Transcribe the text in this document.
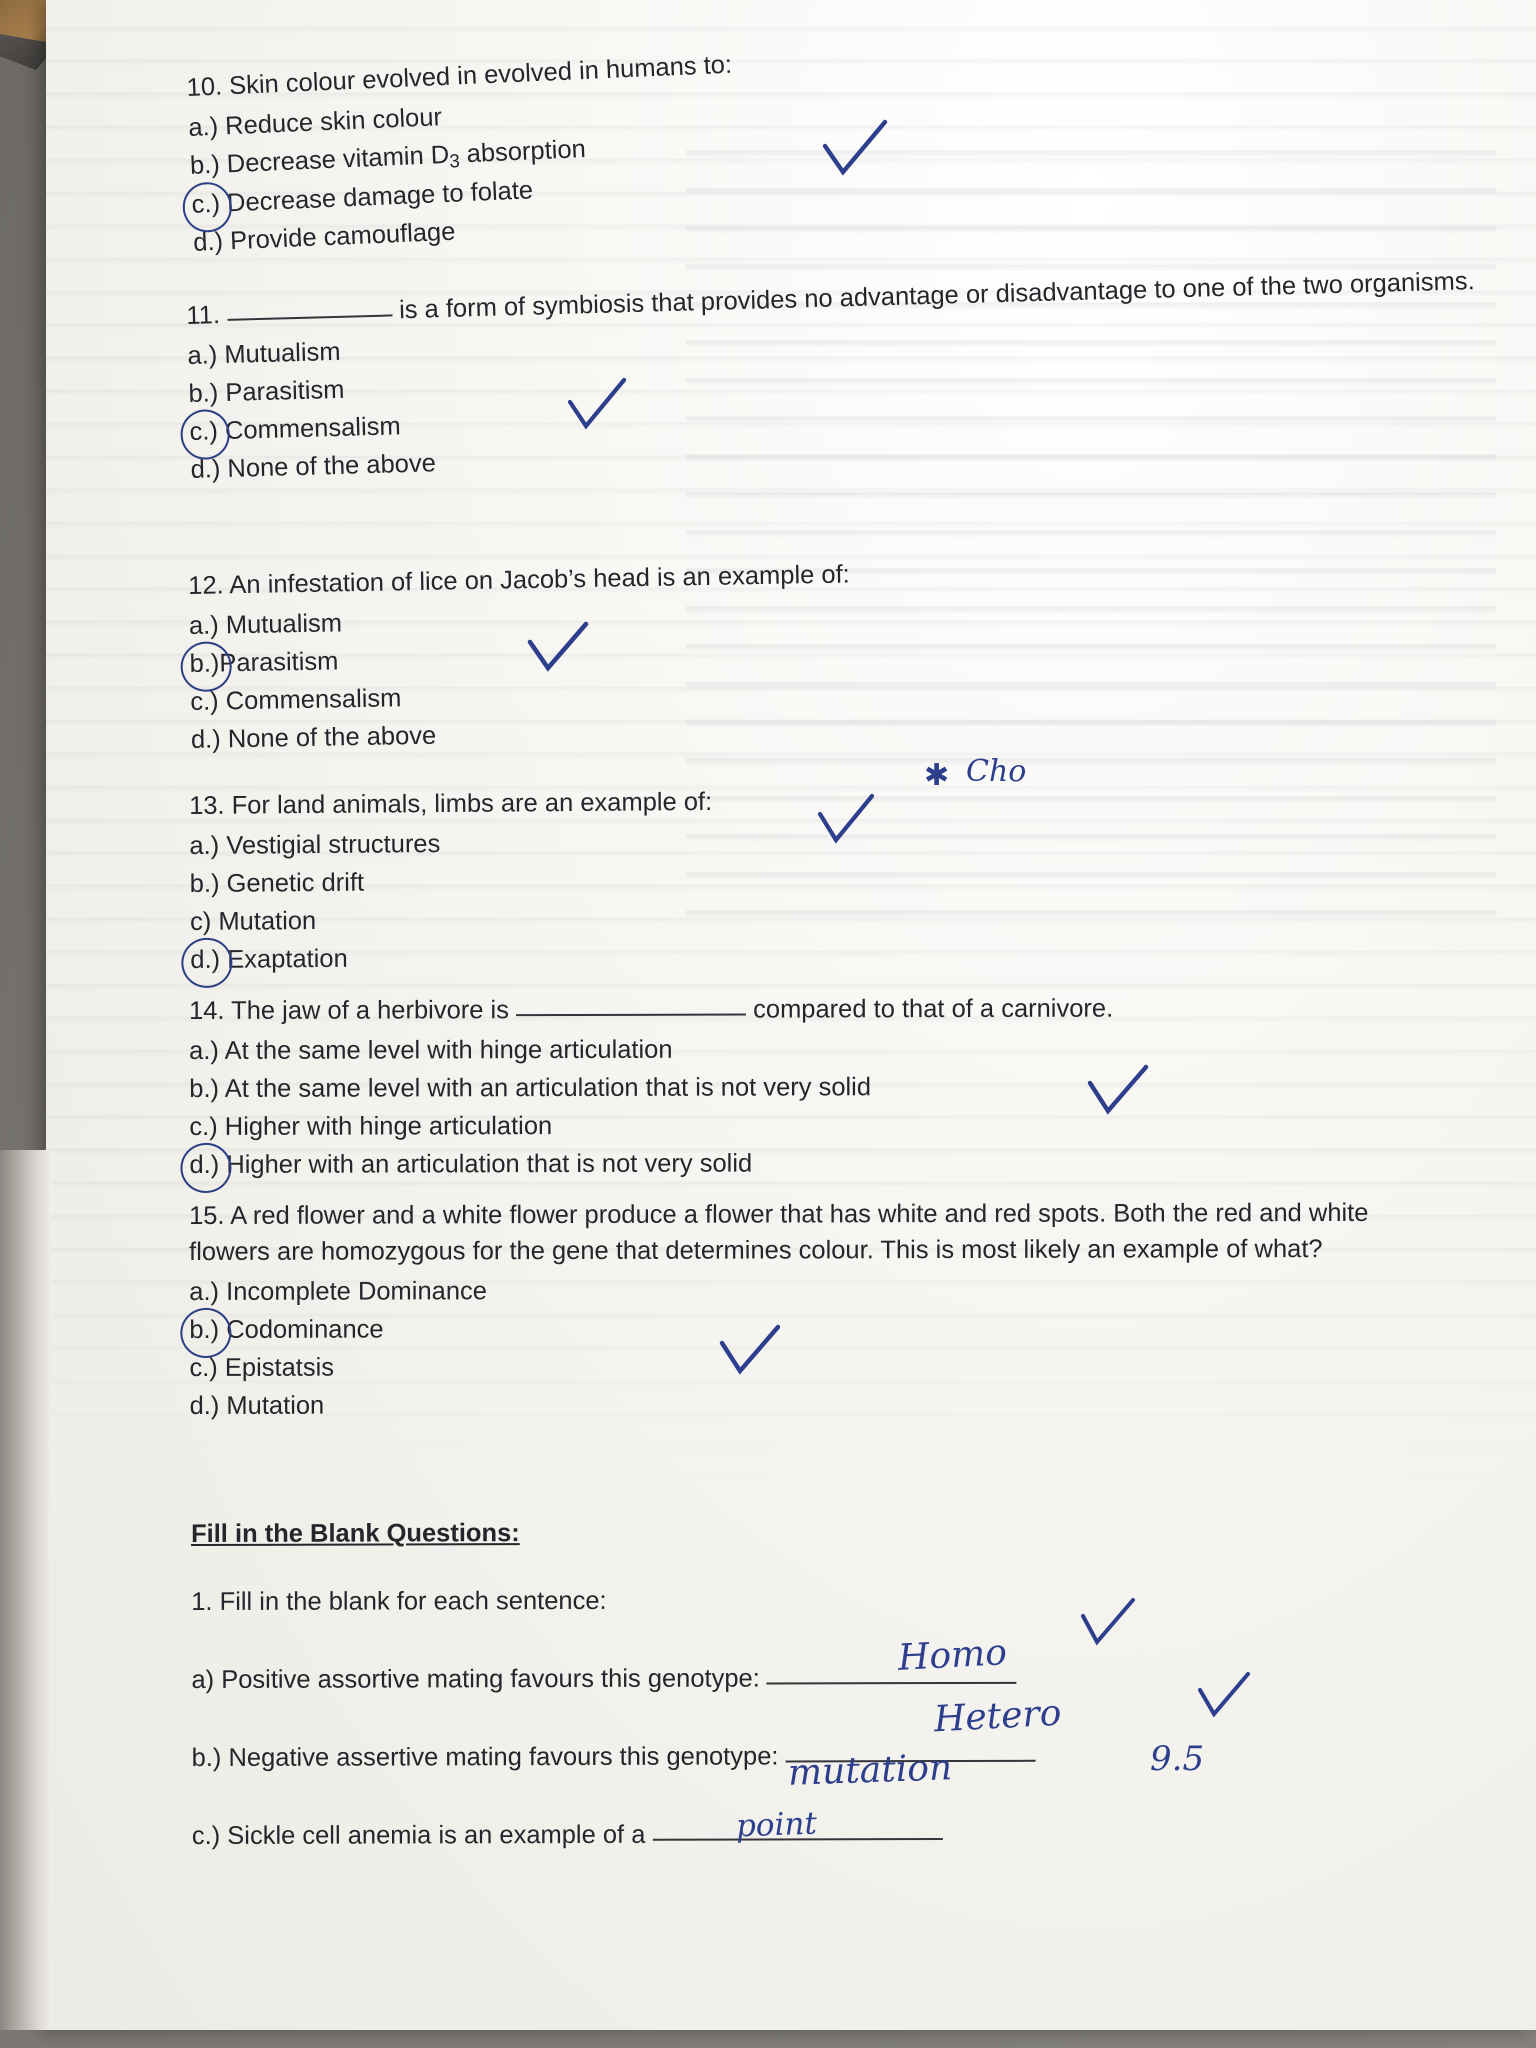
10. Skin colour evolved in evolved in humans to:
a.) Reduce skin colour
b.) Decrease vitamin $D_3$ absorption
c.) Decrease damage to folate
d.) Provide camouflage
11.	is a form of symbiosis that provides no advantage or disadvantage to one of the two organisms.
a.) Mutualism
b.) Parasitism
c.) Commensalism
d.) None of the above
12. An infestation of lice on Jacob’s head is an example of:
a.) Mutualism
b.)Parasitism
c.) Commensalism
d.) None of the above
13. For land animals, limbs are an example of:
a.) Vestigial structures
b.) Genetic drift
c) Mutation
d.) Exaptation
14. The jaw of a herbivore is	compared to that of a carnivore.
a.) At the same level with hinge articulation
b.) At the same level with an articulation that is not very solid
c.) Higher with hinge articulation
d.) Higher with an articulation that is not very solid
15. A red flower and a white flower produce a flower that has white and red spots. Both the red and white flowers are homozygous for the gene that determines colour. This is most likely an example of what?
a.) Incomplete Dominance
b.) Codominance
c.) Epistatsis
d.) Mutation
Fill in the Blank Questions:
1. Fill in the blank for each sentence:
a) Positive assortive mating favours this genotype:
b.) Negative assertive mating favours this genotype:
c.) Sickle cell anemia is an example of a
✱ Cho
Homo
Hetero
mutation
point
9.5
